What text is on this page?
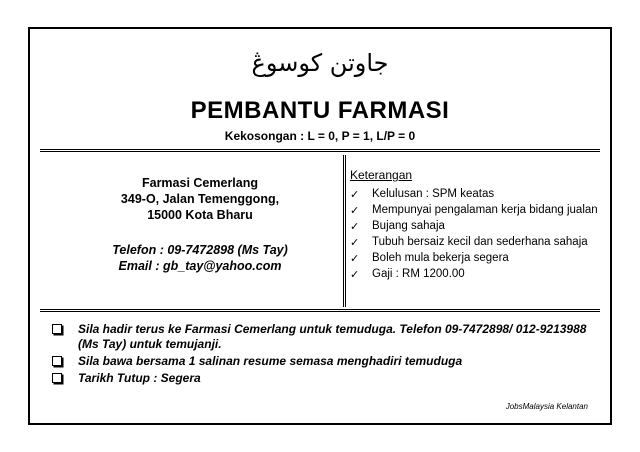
جاوتن كوسوڠ
PEMBANTU FARMASI
Kekosongan : L = 0, P = 1, L/P = 0
Farmasi Cemerlang
349-O, Jalan Temenggong,
15000 Kota Bharu
Telefon : 09-7472898 (Ms Tay)
Email : gb_tay@yahoo.com
Keterangan
✓ Kelulusan : SPM keatas
✓ Mempunyai pengalaman kerja bidang jualan
✓ Bujang sahaja
✓ Tubuh bersaiz kecil dan sederhana sahaja
✓ Boleh mula bekerja segera
✓ Gaji : RM 1200.00
Sila hadir terus ke Farmasi Cemerlang untuk temuduga. Telefon 09-7472898/ 012-9213988 (Ms Tay) untuk temujanji.
Sila bawa bersama 1 salinan resume semasa menghadiri temuduga
Tarikh Tutup : Segera
JobsMalaysia Kelantan
